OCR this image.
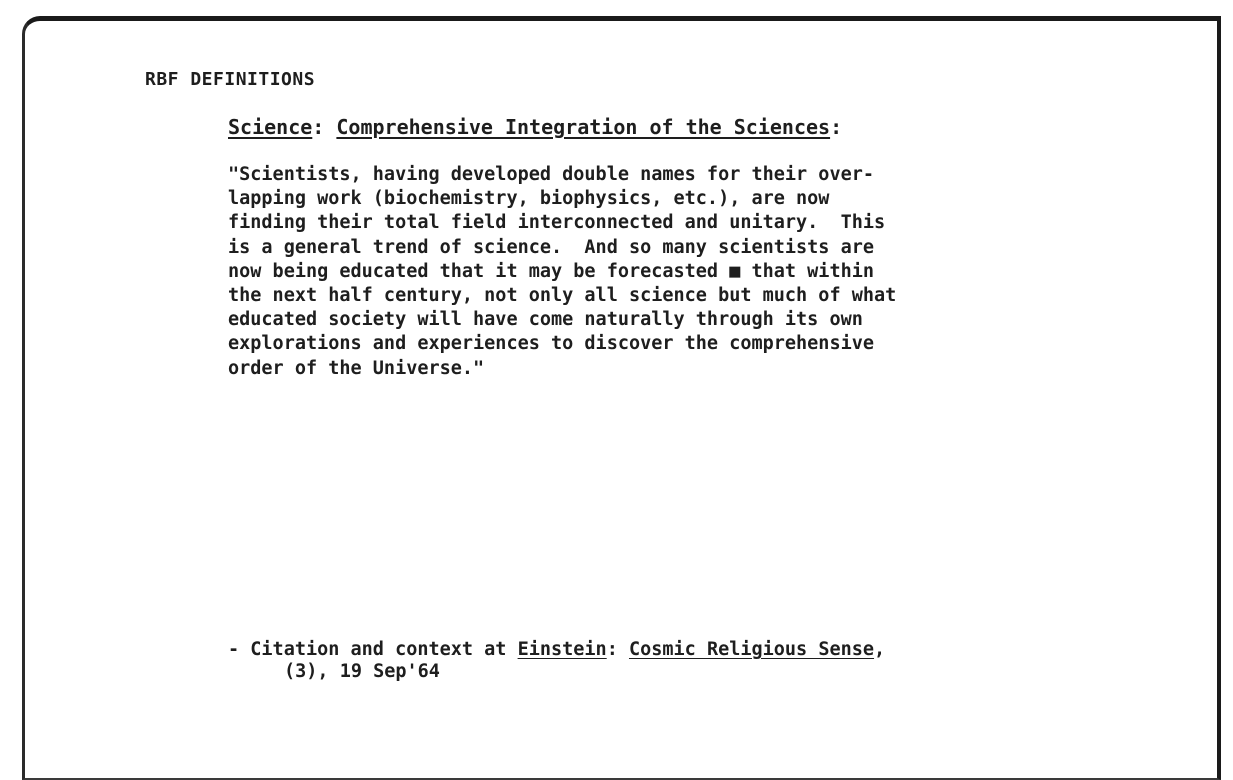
RBF DEFINITIONS

Science: Comprehensive Integration of the Sciences:

"Scientists, having developed double names for their over-
lapping work (biochemistry, biophysics, etc.), are now
finding their total field interconnected and unitary.  This
is a general trend of science.  And so many scientists are
now being educated that it may be forecasted ■ that within
the next half century, not only all science but much of what
educated society will have come naturally through its own
explorations and experiences to discover the comprehensive
order of the Universe."

- Citation and context at Einstein: Cosmic Religious Sense,
(3), 19 Sep'64
